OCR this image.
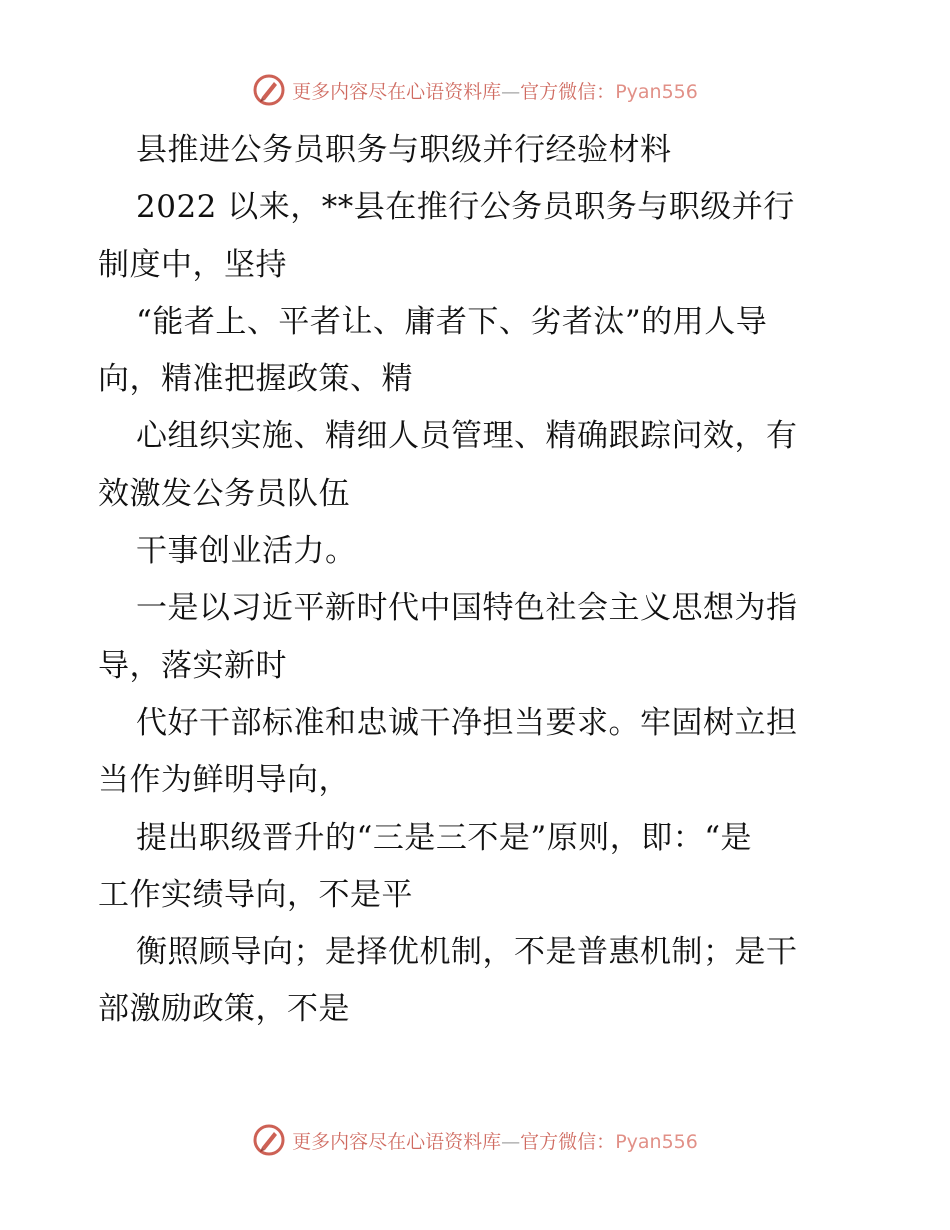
更多内容尽在心语资料库—官方微信：Pyan556
县推进公务员职务与职级并行经验材料
2022 以来，**县在推行公务员职务与职级并行
制度中，坚持
“能者上、平者让、庸者下、劣者汰”的用人导
向，精准把握政策、精
心组织实施、精细人员管理、精确跟踪问效，有
效激发公务员队伍
干事创业活力。
一是以习近平新时代中国特色社会主义思想为指
导，落实新时
代好干部标准和忠诚干净担当要求。牢固树立担
当作为鲜明导向，
提出职级晋升的“三是三不是”原则，即：“是
工作实绩导向，不是平
衡照顾导向；是择优机制，不是普惠机制；是干
部激励政策，不是
更多内容尽在心语资料库—官方微信：Pyan556
